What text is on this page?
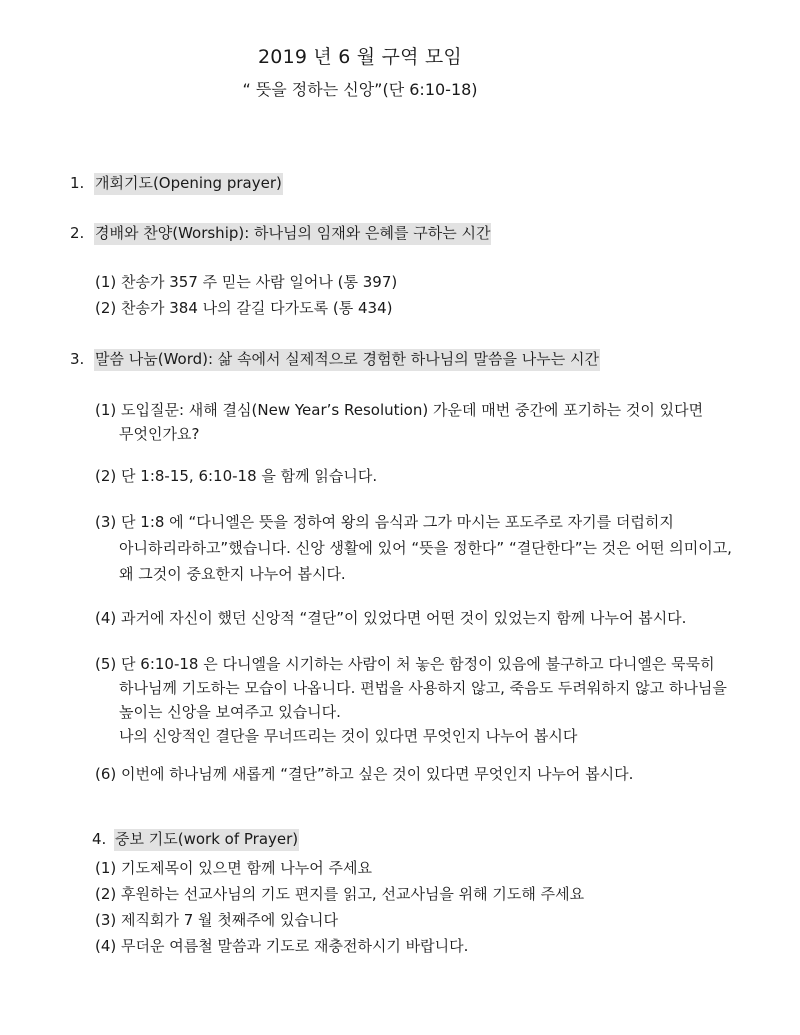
2019 년 6 월 구역 모임
“ 뜻을 정하는 신앙”(단 6:10-18)
1. 개회기도(Opening prayer)
2. 경배와 찬양(Worship): 하나님의 임재와 은혜를 구하는 시간
(1) 찬송가 357 주 믿는 사람 일어나 (통 397)
(2) 찬송가 384 나의 갈길 다가도록 (통 434)
3. 말씀 나눔(Word): 삶 속에서 실제적으로 경험한 하나님의 말씀을 나누는 시간
(1) 도입질문: 새해 결심(New Year’s Resolution) 가운데 매번 중간에 포기하는 것이 있다면
무엇인가요?
(2) 단 1:8-15, 6:10-18 을 함께 읽습니다.
(3) 단 1:8 에 “다니엘은 뜻을 정하여 왕의 음식과 그가 마시는 포도주로 자기를 더럽히지
아니하리라하고”했습니다. 신앙 생활에 있어 “뜻을 정한다” “결단한다”는 것은 어떤 의미이고,
왜 그것이 중요한지 나누어 봅시다.
(4) 과거에 자신이 했던 신앙적 “결단”이 있었다면 어떤 것이 있었는지 함께 나누어 봅시다.
(5) 단 6:10-18 은 다니엘을 시기하는 사람이 처 놓은 함정이 있음에 불구하고 다니엘은 묵묵히
하나님께 기도하는 모습이 나옵니다. 편법을 사용하지 않고, 죽음도 두려워하지 않고 하나님을
높이는 신앙을 보여주고 있습니다.
나의 신앙적인 결단을 무너뜨리는 것이 있다면 무엇인지 나누어 봅시다
(6) 이번에 하나님께 새롭게 “결단”하고 싶은 것이 있다면 무엇인지 나누어 봅시다.
4. 중보 기도(work of Prayer)
(1) 기도제목이 있으면 함께 나누어 주세요
(2) 후원하는 선교사님의 기도 편지를 읽고, 선교사님을 위해 기도해 주세요
(3) 제직회가 7 월 첫째주에 있습니다
(4) 무더운 여름철 말씀과 기도로 재충전하시기 바랍니다.
